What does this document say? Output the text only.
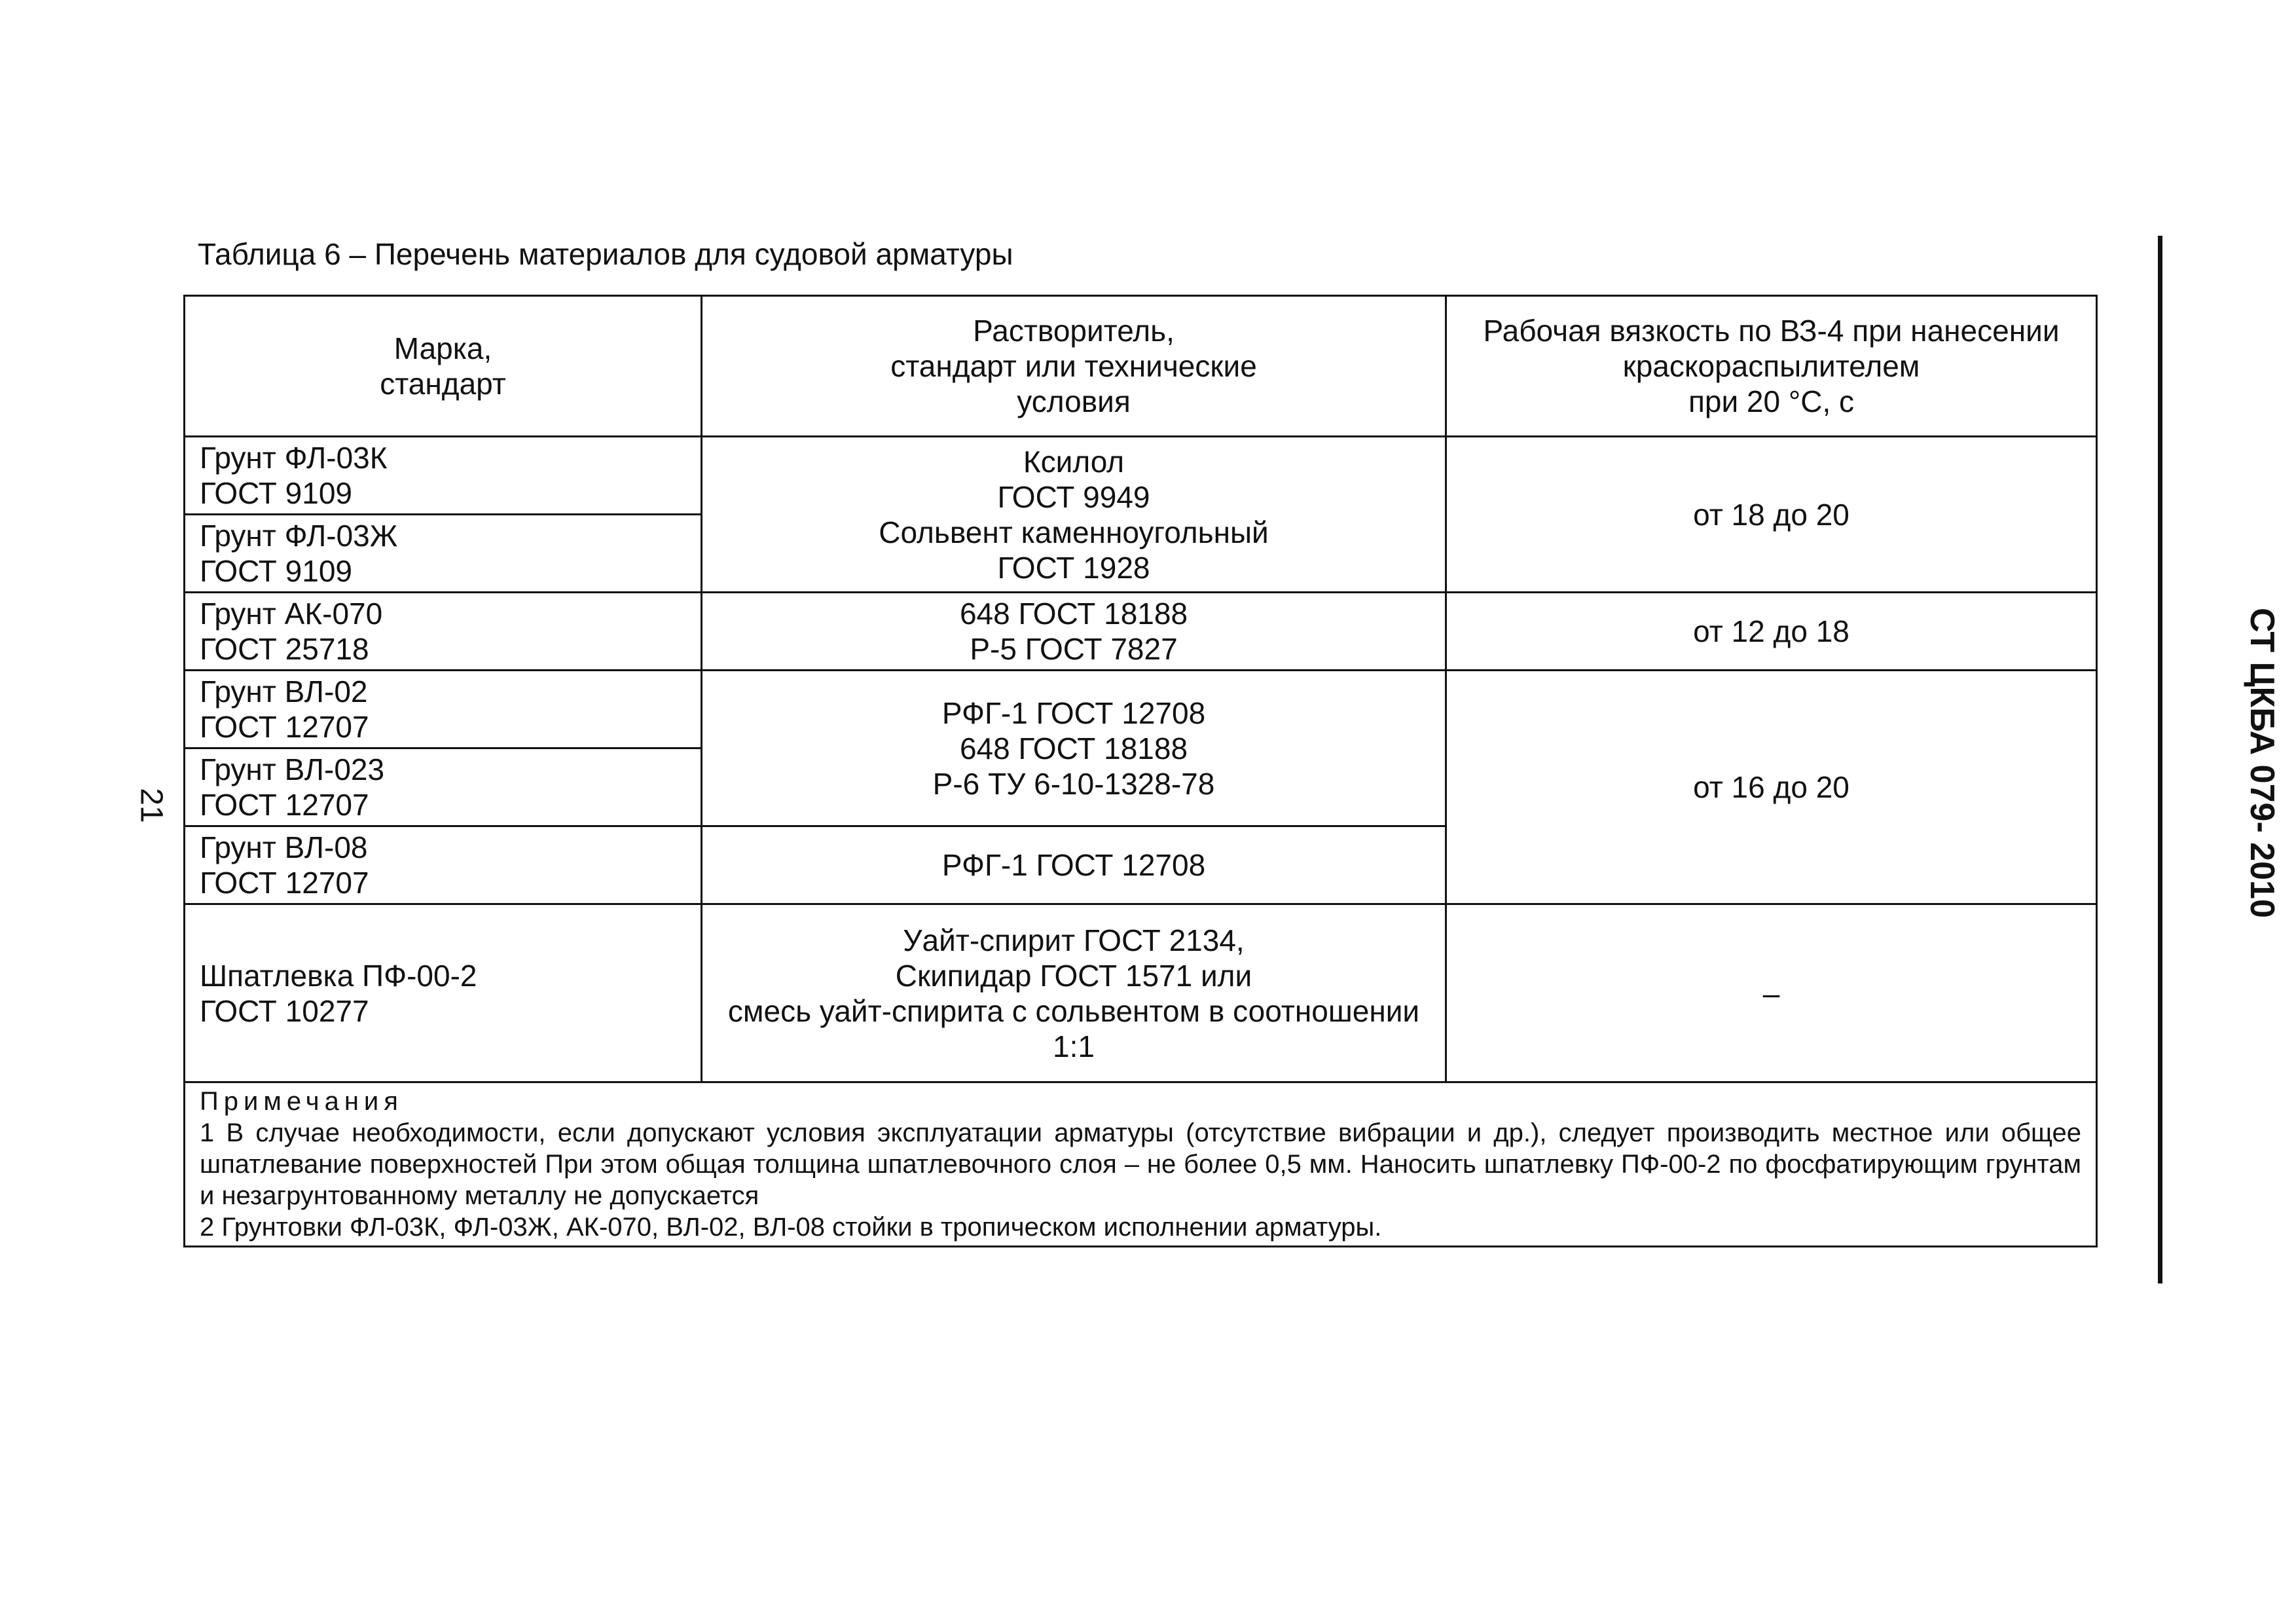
Таблица 6 – Перечень материалов для судовой арматуры
Марка,
стандарт	Растворитель,
стандарт или технические
условия	Рабочая вязкость по ВЗ-4 при нанесении
краскораспылителем
при 20 °С, с
Грунт ФЛ-03К
ГОСТ 9109	Ксилол
ГОСТ 9949
Сольвент каменноугольный
ГОСТ 1928	от 18 до 20
Грунт ФЛ-03Ж
ГОСТ 9109		
Грунт АК-070
ГОСТ 25718	648 ГОСТ 18188
Р-5 ГОСТ 7827	от 12 до 18
Грунт ВЛ-02
ГОСТ 12707	РФГ-1 ГОСТ 12708
648 ГОСТ 18188
Р-6 ТУ 6-10-1328-78	от 16 до 20
Грунт ВЛ-023
ГОСТ 12707		
Грунт ВЛ-08
ГОСТ 12707	РФГ-1 ГОСТ 12708	
Шпатлевка ПФ-00-2
ГОСТ 10277	Уайт-спирит ГОСТ 2134,
Скипидар ГОСТ 1571 или
смесь уайт-спирита с сольвентом в соотношении
1:1	–

Примечания
1 В случае необходимости, если допускают условия эксплуатации арматуры (отсутствие вибрации и др.), следует производить местное или общее шпатлевание поверхностей При этом общая толщина шпатлевочного слоя – не более 0,5 мм. Наносить шпатлевку ПФ-00-2 по фосфатирующим грунтам и незагрунтованному металлу не допускается
2 Грунтовки ФЛ-03К, ФЛ-03Ж, АК-070, ВЛ-02, ВЛ-08 стойки в тропическом исполнении арматуры.		
21	СТ ЦКБА 079- 2010
